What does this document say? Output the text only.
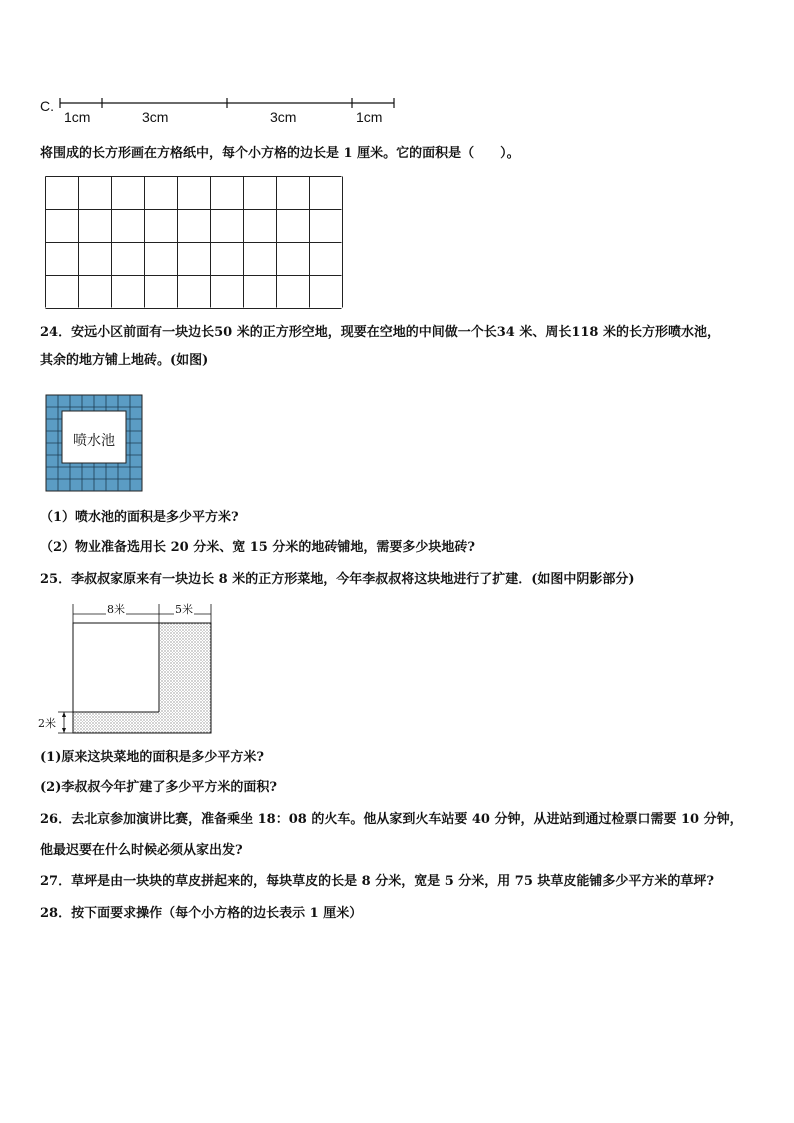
C.
1cm	3cm	3cm	1cm
将围成的长方形画在方格纸中，每个小方格的边长是 1 厘米。它的面积是（　　）。
24．安远小区前面有一块边长50 米的正方形空地，现要在空地的中间做一个长34 米、周长118 米的长方形喷水池，
其余的地方铺上地砖。(如图)
喷水池
（1）喷水池的面积是多少平方米?
（2）物业准备选用长 20 分米、宽 15 分米的地砖铺地，需要多少块地砖?
25．李叔叔家原来有一块边长 8 米的正方形菜地，今年李叔叔将这块地进行了扩建．(如图中阴影部分)
8米	5米
2米
(1)原来这块菜地的面积是多少平方米?
(2)李叔叔今年扩建了多少平方米的面积?
26．去北京参加演讲比赛，准备乘坐 18：08 的火车。他从家到火车站要 40 分钟，从进站到通过检票口需要 10 分钟，
他最迟要在什么时候必须从家出发?
27．草坪是由一块块的草皮拼起来的，每块草皮的长是 8 分米，宽是 5 分米，用 75 块草皮能铺多少平方米的草坪?
28．按下面要求操作（每个小方格的边长表示 1 厘米）
